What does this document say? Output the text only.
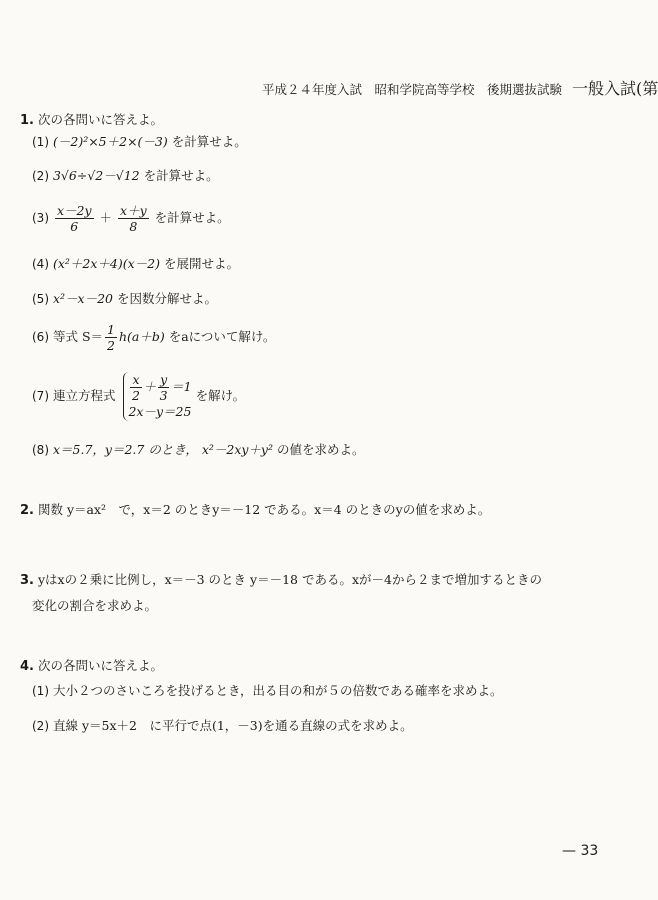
平成２４年度入試　昭和学院高等学校　後期選抜試験 一般入試(第
1. 次の各問いに答えよ。
(1) (－2)²×5＋2×(－3) を計算せよ。
(2) 3√6÷√2－√12 を計算せよ。
$(3) \frac{x-2y}{6} + \frac{x+y}{8}$ を計算せよ。
(4) (x²＋2x＋4)(x－2) を展開せよ。
(5) x²－x－20 を因数分解せよ。
(6) 等式 $S= \frac{1}{2} h(a+b)$ をaについて解け。
(7) 連立方程式 $\frac{x}{2} + \frac{y}{3} =1$
2x－y＝25
を解け。
(8) x＝5.7，y＝2.7 のとき， x²－2xy＋y² の値を求めよ。
2. 関数 y＝ax²　で，x＝2 のときy＝－12 である。x＝4 のときのyの値を求めよ。
3. yはxの２乗に比例し，x＝－3 のとき y＝－18 である。xが－4から２まで増加するときの
変化の割合を求めよ。
4. 次の各問いに答えよ。
(1) 大小２つのさいころを投げるとき，出る目の和が５の倍数である確率を求めよ。
(2) 直線 y＝5x＋2　に平行で点(1，－3)を通る直線の式を求めよ。
— 33
